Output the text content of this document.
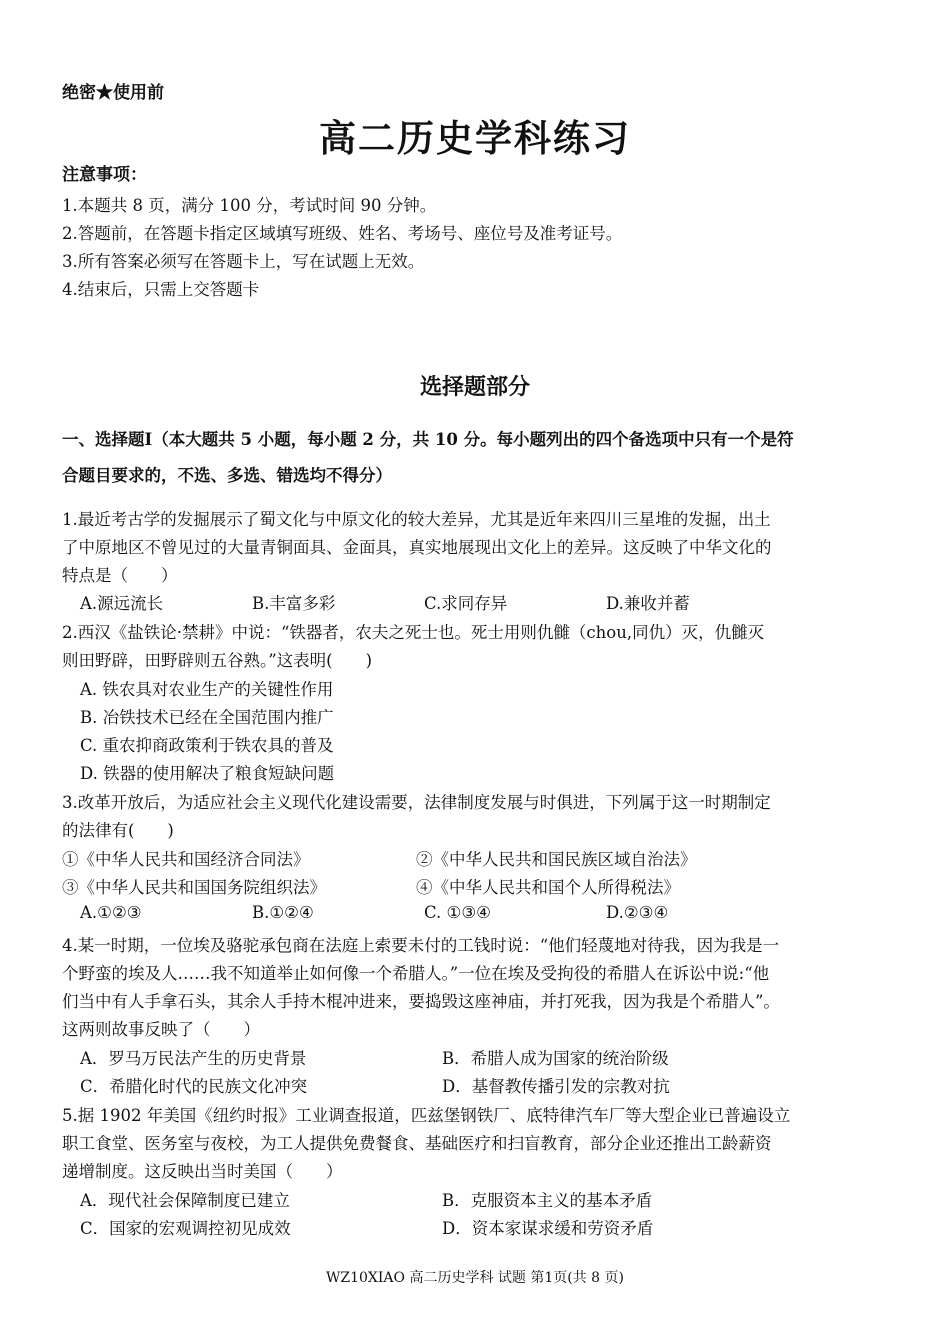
绝密★使用前
高二历史学科练习
注意事项：
1.本题共 8 页，满分 100 分，考试时间 90 分钟。
2.答题前，在答题卡指定区域填写班级、姓名、考场号、座位号及准考证号。
3.所有答案必须写在答题卡上，写在试题上无效。
4.结束后，只需上交答题卡
选择题部分
一、选择题Ⅰ（本大题共 5 小题，每小题 2 分，共 10 分。每小题列出的四个备选项中只有一个是符
合题目要求的，不选、多选、错选均不得分）
1.最近考古学的发掘展示了蜀文化与中原文化的较大差异，尤其是近年来四川三星堆的发掘，出土
了中原地区不曾见过的大量青铜面具、金面具，真实地展现出文化上的差异。这反映了中华文化的
特点是（　　）
A.源远流长	B.丰富多彩	C.求同存异	D.兼收并蓄
2.西汉《盐铁论·禁耕》中说：“铁器者，农夫之死士也。死士用则仇雠（chou,同仇）灭，仇雠灭
则田野辟，田野辟则五谷熟。”这表明(　　)
A. 铁农具对农业生产的关键性作用
B. 冶铁技术已经在全国范围内推广
C. 重农抑商政策利于铁农具的普及
D. 铁器的使用解决了粮食短缺问题
3.改革开放后，为适应社会主义现代化建设需要，法律制度发展与时俱进，下列属于这一时期制定
的法律有(　　)
①《中华人民共和国经济合同法》	②《中华人民共和国民族区域自治法》
③《中华人民共和国国务院组织法》	④《中华人民共和国个人所得税法》
A.①②③	B.①②④	C. ①③④	D.②③④
4.某一时期，一位埃及骆驼承包商在法庭上索要未付的工钱时说：“他们轻蔑地对待我，因为我是一
个野蛮的埃及人……我不知道举止如何像一个希腊人。”一位在埃及受拘役的希腊人在诉讼中说:“他
们当中有人手拿石头，其余人手持木棍冲进来，要捣毁这座神庙，并打死我，因为我是个希腊人”。
这两则故事反映了（　　）
A．罗马万民法产生的历史背景	B．希腊人成为国家的统治阶级
C．希腊化时代的民族文化冲突	D．基督教传播引发的宗教对抗
5.据 1902 年美国《纽约时报》工业调查报道，匹兹堡钢铁厂、底特律汽车厂等大型企业已普遍设立
职工食堂、医务室与夜校，为工人提供免费餐食、基础医疗和扫盲教育，部分企业还推出工龄薪资
递增制度。这反映出当时美国（　　）
A．现代社会保障制度已建立	B．克服资本主义的基本矛盾
C．国家的宏观调控初见成效	D．资本家谋求缓和劳资矛盾
WZ10XIAO 高二历史学科 试题 第1页(共 8 页)
